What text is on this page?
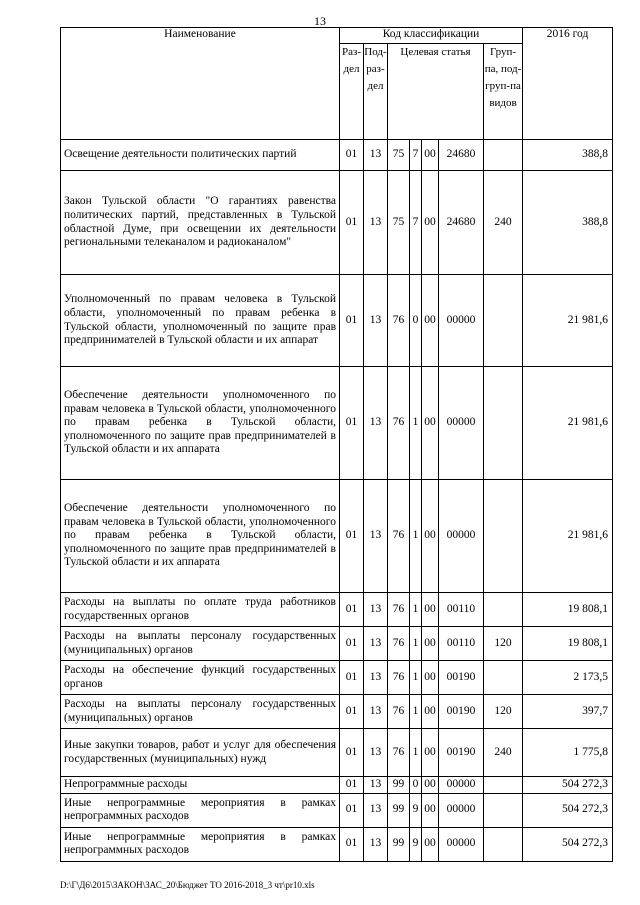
13
Наименование	Код классификации							2016 год
	Раз-дел	Под-раз-дел	Целевая статья				Груп-па, под-груп-па видов	
Освещение деятельности политических партий	01	13	75	7	00	24680		388,8
Закон Тульской области "О гарантиях равенства политических партий, представленных в Тульской областной Думе, при освещении их деятельности региональными телеканалом и радиоканалом"	01	13	75	7	00	24680	240	388,8
Уполномоченный по правам человека в Тульской области, уполномоченный по правам ребенка в Тульской области, уполномоченный по защите прав предпринимателей в Тульской области и их аппарат	01	13	76	0	00	00000		21 981,6
Обеспечение деятельности уполномоченного по правам человека в Тульской области, уполномоченного по правам ребенка в Тульской области, уполномоченного по защите прав предпринимателей в Тульской области и их аппарата	01	13	76	1	00	00000		21 981,6
Обеспечение деятельности уполномоченного по правам человека в Тульской области, уполномоченного по правам ребенка в Тульской области, уполномоченного по защите прав предпринимателей в Тульской области и их аппарата	01	13	76	1	00	00000		21 981,6
Расходы на выплаты по оплате труда работников государственных органов	01	13	76	1	00	00110		19 808,1
Расходы на выплаты персоналу государственных (муниципальных) органов	01	13	76	1	00	00110	120	19 808,1
Расходы на обеспечение функций государственных органов	01	13	76	1	00	00190		2 173,5
Расходы на выплаты персоналу государственных (муниципальных) органов	01	13	76	1	00	00190	120	397,7
Иные закупки товаров, работ и услуг для обеспечения государственных (муниципальных) нужд	01	13	76	1	00	00190	240	1 775,8
Непрограммные расходы	01	13	99	0	00	00000		504 272,3
Иные непрограммные мероприятия в рамках непрограммных расходов	01	13	99	9	00	00000		504 272,3
Иные непрограммные мероприятия в рамках непрограммных расходов	01	13	99	9	00	00000		504 272,3
D:\Г\Д6\2015\ЗАКОН\ЗАС_20\Бюджет ТО 2016-2018_3 чт\pr10.xls
